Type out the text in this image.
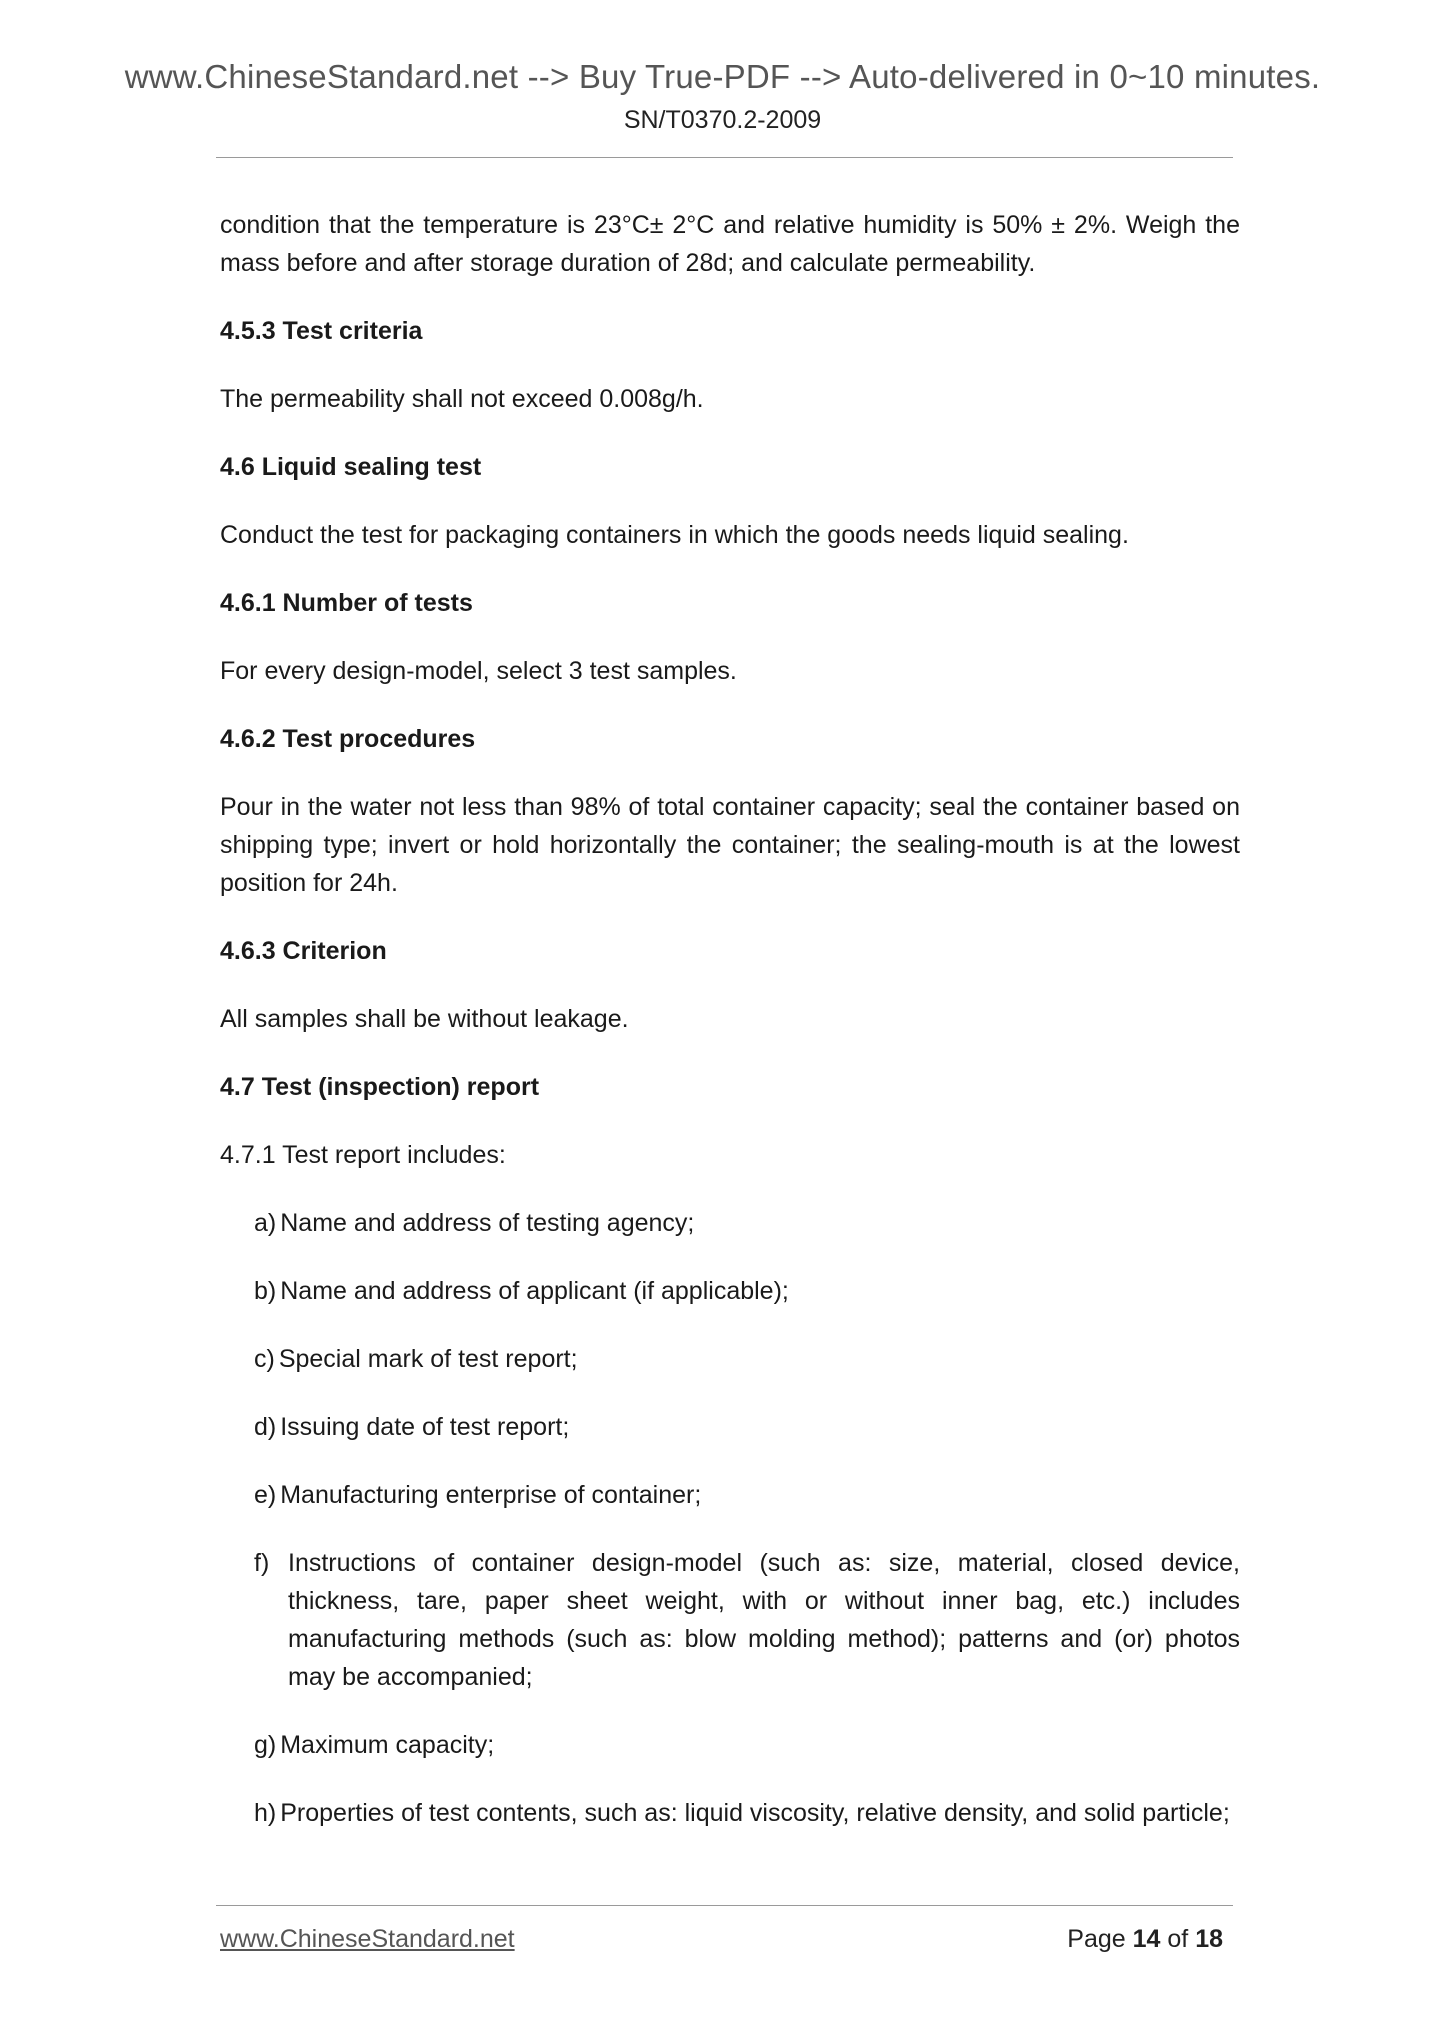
www.ChineseStandard.net --> Buy True-PDF --> Auto-delivered in 0~10 minutes.
SN/T0370.2-2009

condition that the temperature is 23°C± 2°C and relative humidity is 50% ± 2%. Weigh the mass before and after storage duration of 28d; and calculate permeability.

4.5.3 Test criteria

The permeability shall not exceed 0.008g/h.

4.6 Liquid sealing test

Conduct the test for packaging containers in which the goods needs liquid sealing.

4.6.1 Number of tests

For every design-model, select 3 test samples.

4.6.2 Test procedures

Pour in the water not less than 98% of total container capacity; seal the container based on shipping type; invert or hold horizontally the container; the sealing-mouth is at the lowest position for 24h.

4.6.3 Criterion

All samples shall be without leakage.

4.7 Test (inspection) report

4.7.1 Test report includes:

a) Name and address of testing agency;
b) Name and address of applicant (if applicable);
c) Special mark of test report;
d) Issuing date of test report;
e) Manufacturing enterprise of container;
f) Instructions of container design-model (such as: size, material, closed device, thickness, tare, paper sheet weight, with or without inner bag, etc.) includes manufacturing methods (such as: blow molding method); patterns and (or) photos may be accompanied;
g) Maximum capacity;
h) Properties of test contents, such as: liquid viscosity, relative density, and solid particle;
www.ChineseStandard.net	Page 14 of 18
